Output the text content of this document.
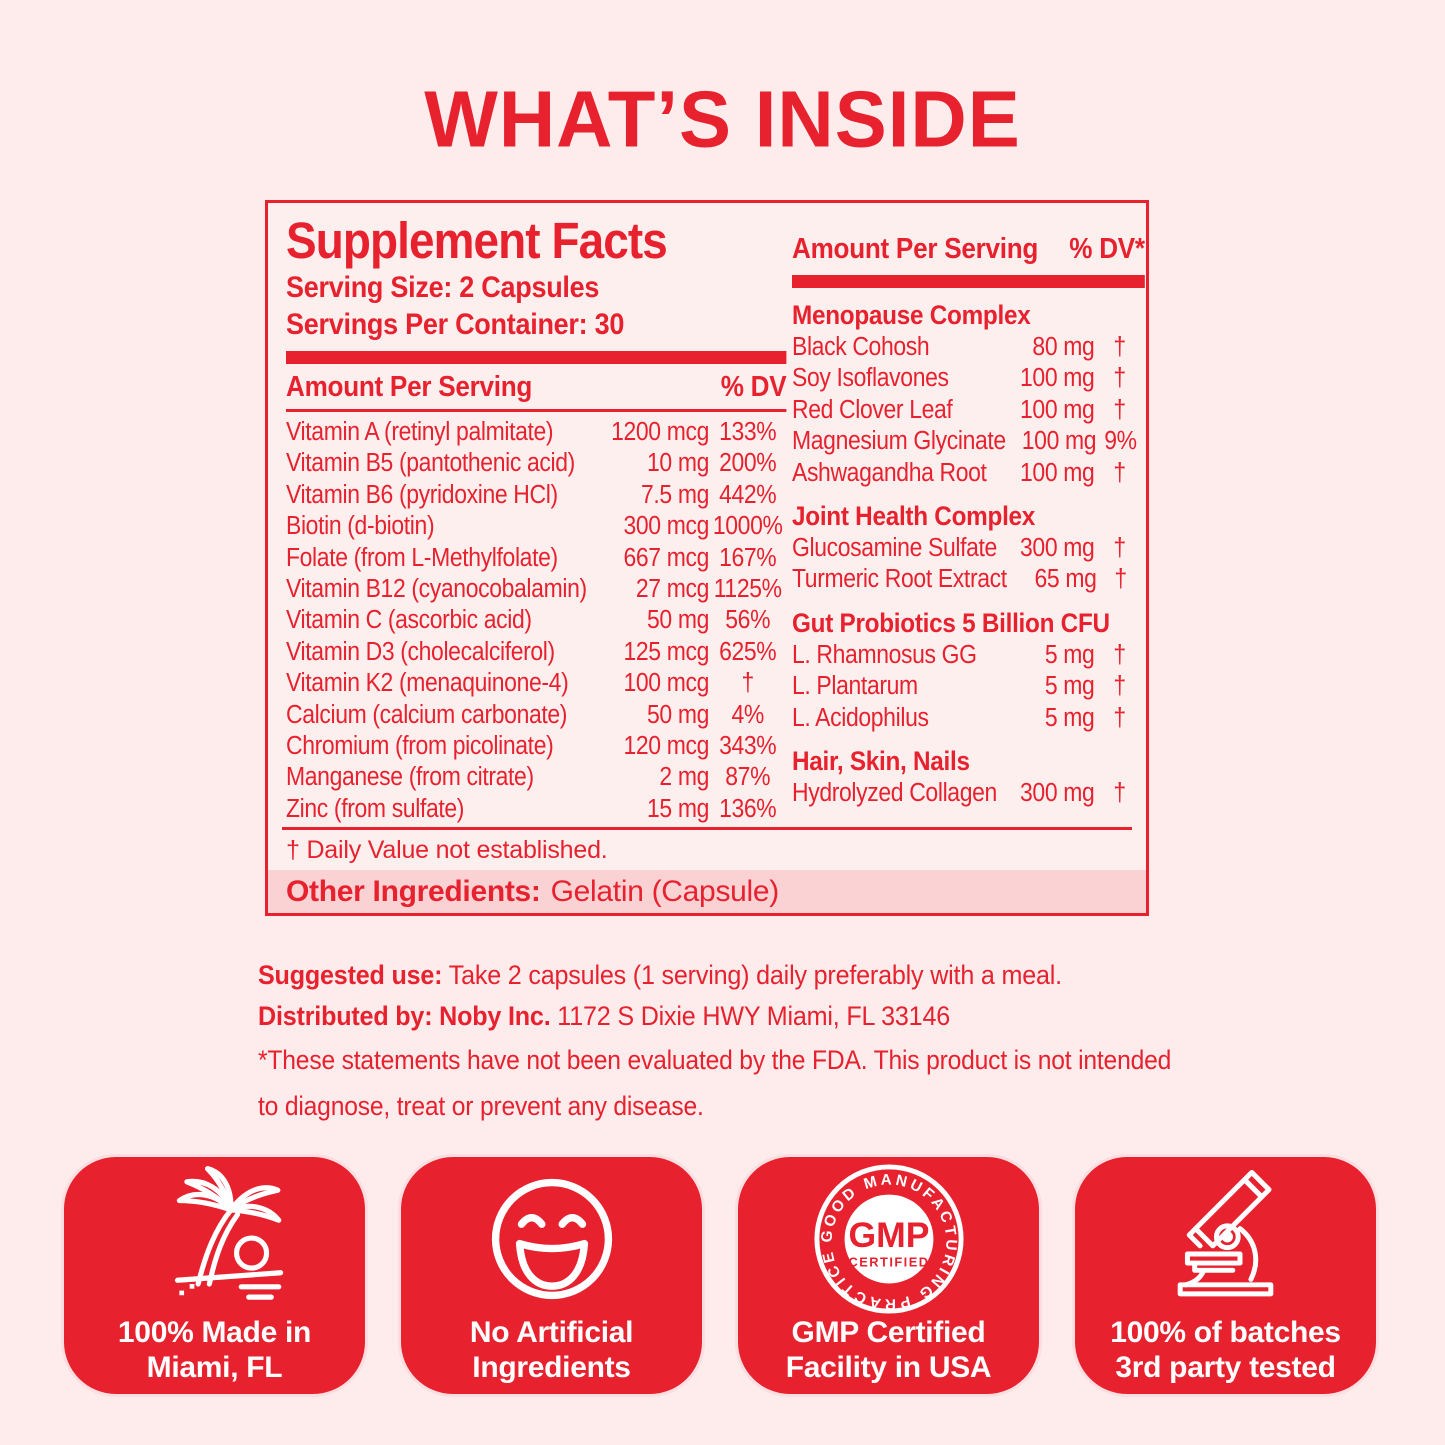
WHAT’S INSIDE
Supplement Facts
Serving Size: 2 Capsules
Servings Per Container: 30
Amount Per Serving	% DV
Vitamin A (retinyl palmitate)	1200 mcg 133%
Vitamin B5 (pantothenic acid)	10 mg 200%
Vitamin B6 (pyridoxine HCl)	7.5 mg 442%
Biotin (d-biotin)	300 mcg 1000%
Folate (from L-Methylfolate)	667 mcg 167%
Vitamin B12 (cyanocobalamin)	27 mcg 1125%
Vitamin C (ascorbic acid)	50 mg 56%
Vitamin D3 (cholecalciferol)	125 mcg 625%
Vitamin K2 (menaquinone-4)	100 mcg	†
Calcium (calcium carbonate)	50 mg 4%
Chromium (from picolinate)	120 mcg 343%
Manganese (from citrate)	2 mg 87%
Zinc (from sulfate)	15 mg 136%
Amount Per Serving % DV*
Menopause Complex
Black Cohosh	80 mg †
Soy Isoflavones	100 mg †
Red Clover Leaf	100 mg †
Magnesium Glycinate 100 mg 9%
Ashwagandha Root	100 mg †
Joint Health Complex
Glucosamine Sulfate 300 mg †
Turmeric Root Extract	65 mg †
Gut Probiotics 5 Billion CFU
L. Rhamnosus GG	5 mg †
L. Plantarum	5 mg †
L. Acidophilus	5 mg †
Hair, Skin, Nails
Hydrolyzed Collagen 300 mg †
† Daily Value not established.
Other Ingredients: Gelatin (Capsule)
Suggested use: Take 2 capsules (1 serving) daily preferably with a meal.
Distributed by: Noby Inc. 1172 S Dixie HWY Miami, FL 33146
*These statements have not been evaluated by the FDA. This product is not intended
to diagnose, treat or prevent any disease.
100% Made in
Miami, FL
No Artificial
Ingredients
GOOD MANUFACTURING PRACTICE
GMP
CERTIFIED
GMP Certified
Facility in USA
100% of batches
3rd party tested
